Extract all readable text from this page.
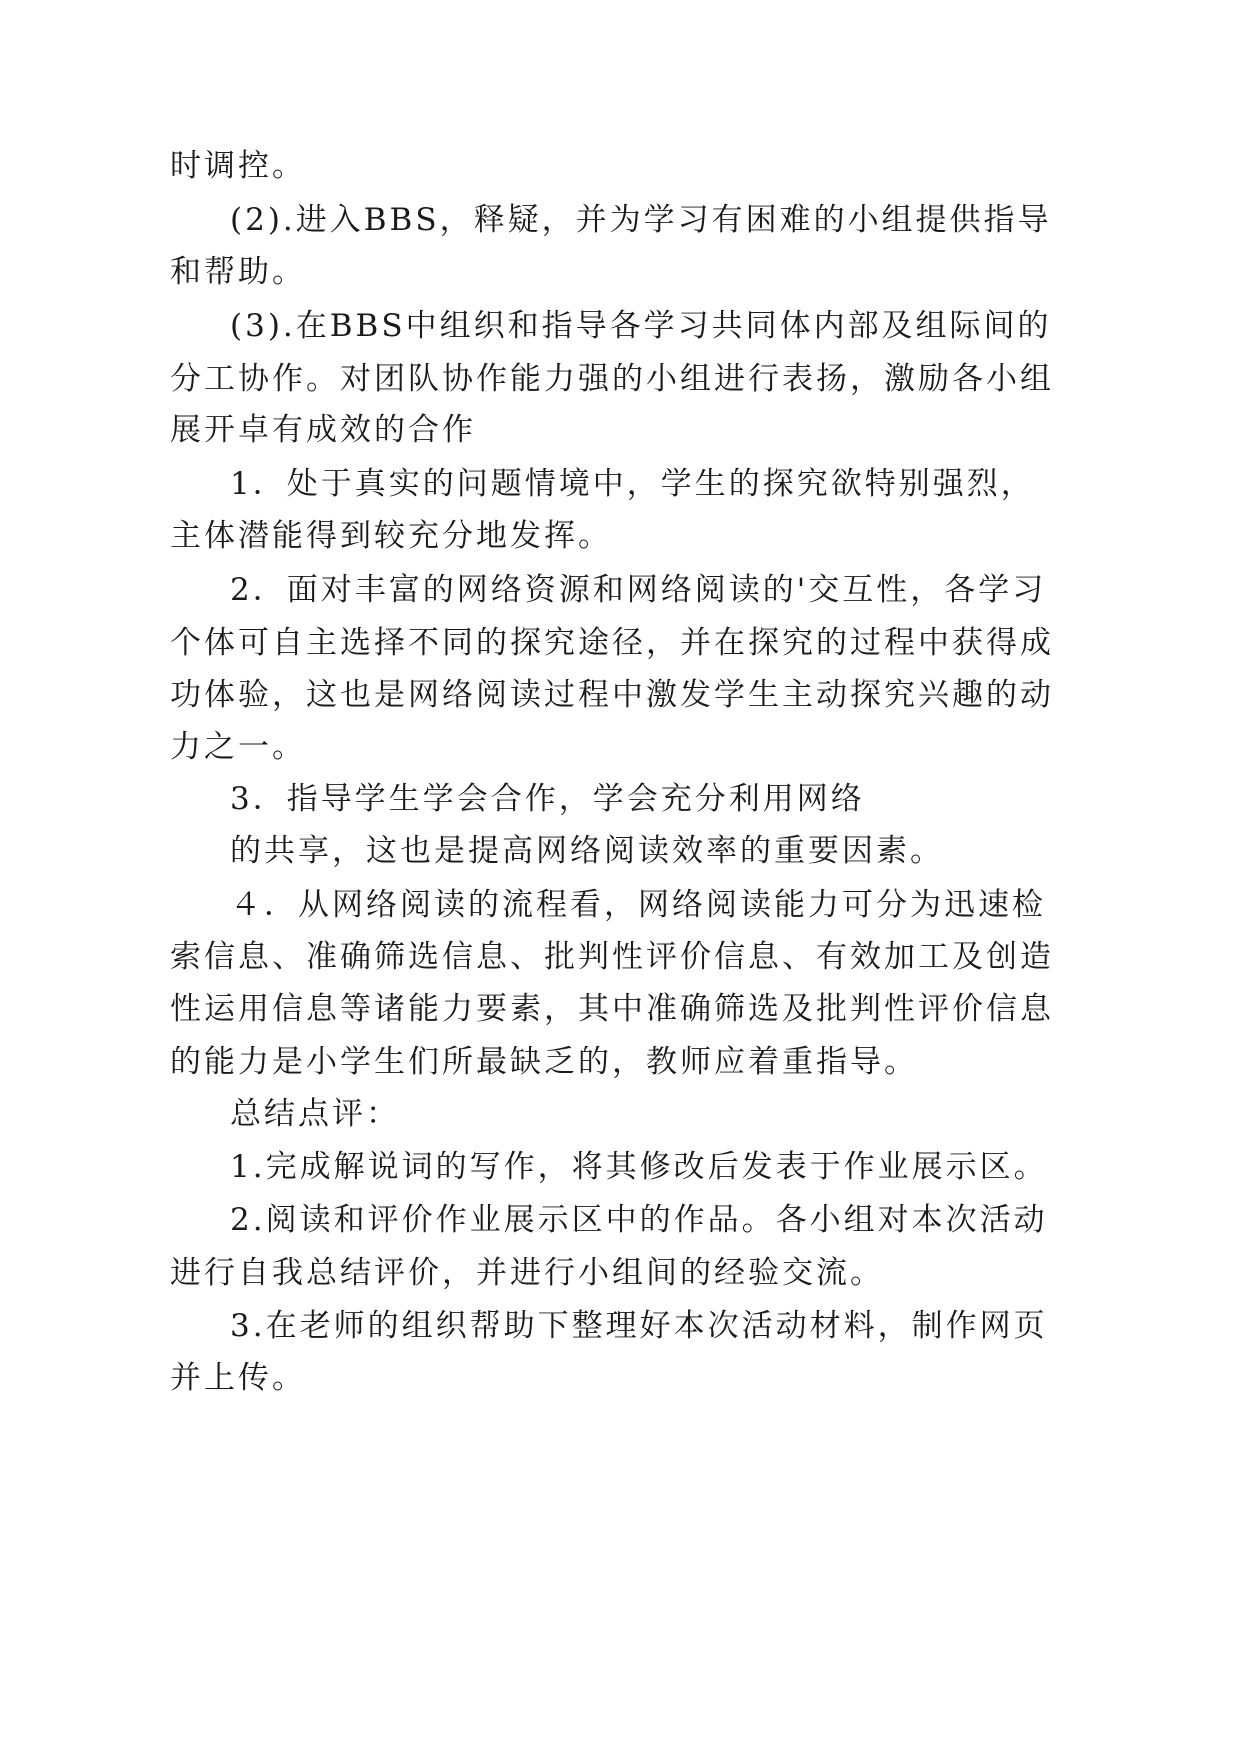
时调控。
(2).进入BBS，释疑，并为学习有困难的小组提供指导
和帮助。
(3).在BBS中组织和指导各学习共同体内部及组际间的
分工协作。对团队协作能力强的小组进行表扬，激励各小组
展开卓有成效的合作
1．处于真实的问题情境中，学生的探究欲特别强烈，
主体潜能得到较充分地发挥。
2．面对丰富的网络资源和网络阅读的'交互性，各学习
个体可自主选择不同的探究途径，并在探究的过程中获得成
功体验，这也是网络阅读过程中激发学生主动探究兴趣的动
力之一。
3．指导学生学会合作，学会充分利用网络
的共享，这也是提高网络阅读效率的重要因素。
４．从网络阅读的流程看，网络阅读能力可分为迅速检
索信息、准确筛选信息、批判性评价信息、有效加工及创造
性运用信息等诸能力要素，其中准确筛选及批判性评价信息
的能力是小学生们所最缺乏的，教师应着重指导。
总结点评：
1.完成解说词的写作，将其修改后发表于作业展示区。
2.阅读和评价作业展示区中的作品。各小组对本次活动
进行自我总结评价，并进行小组间的经验交流。
3.在老师的组织帮助下整理好本次活动材料，制作网页
并上传。
